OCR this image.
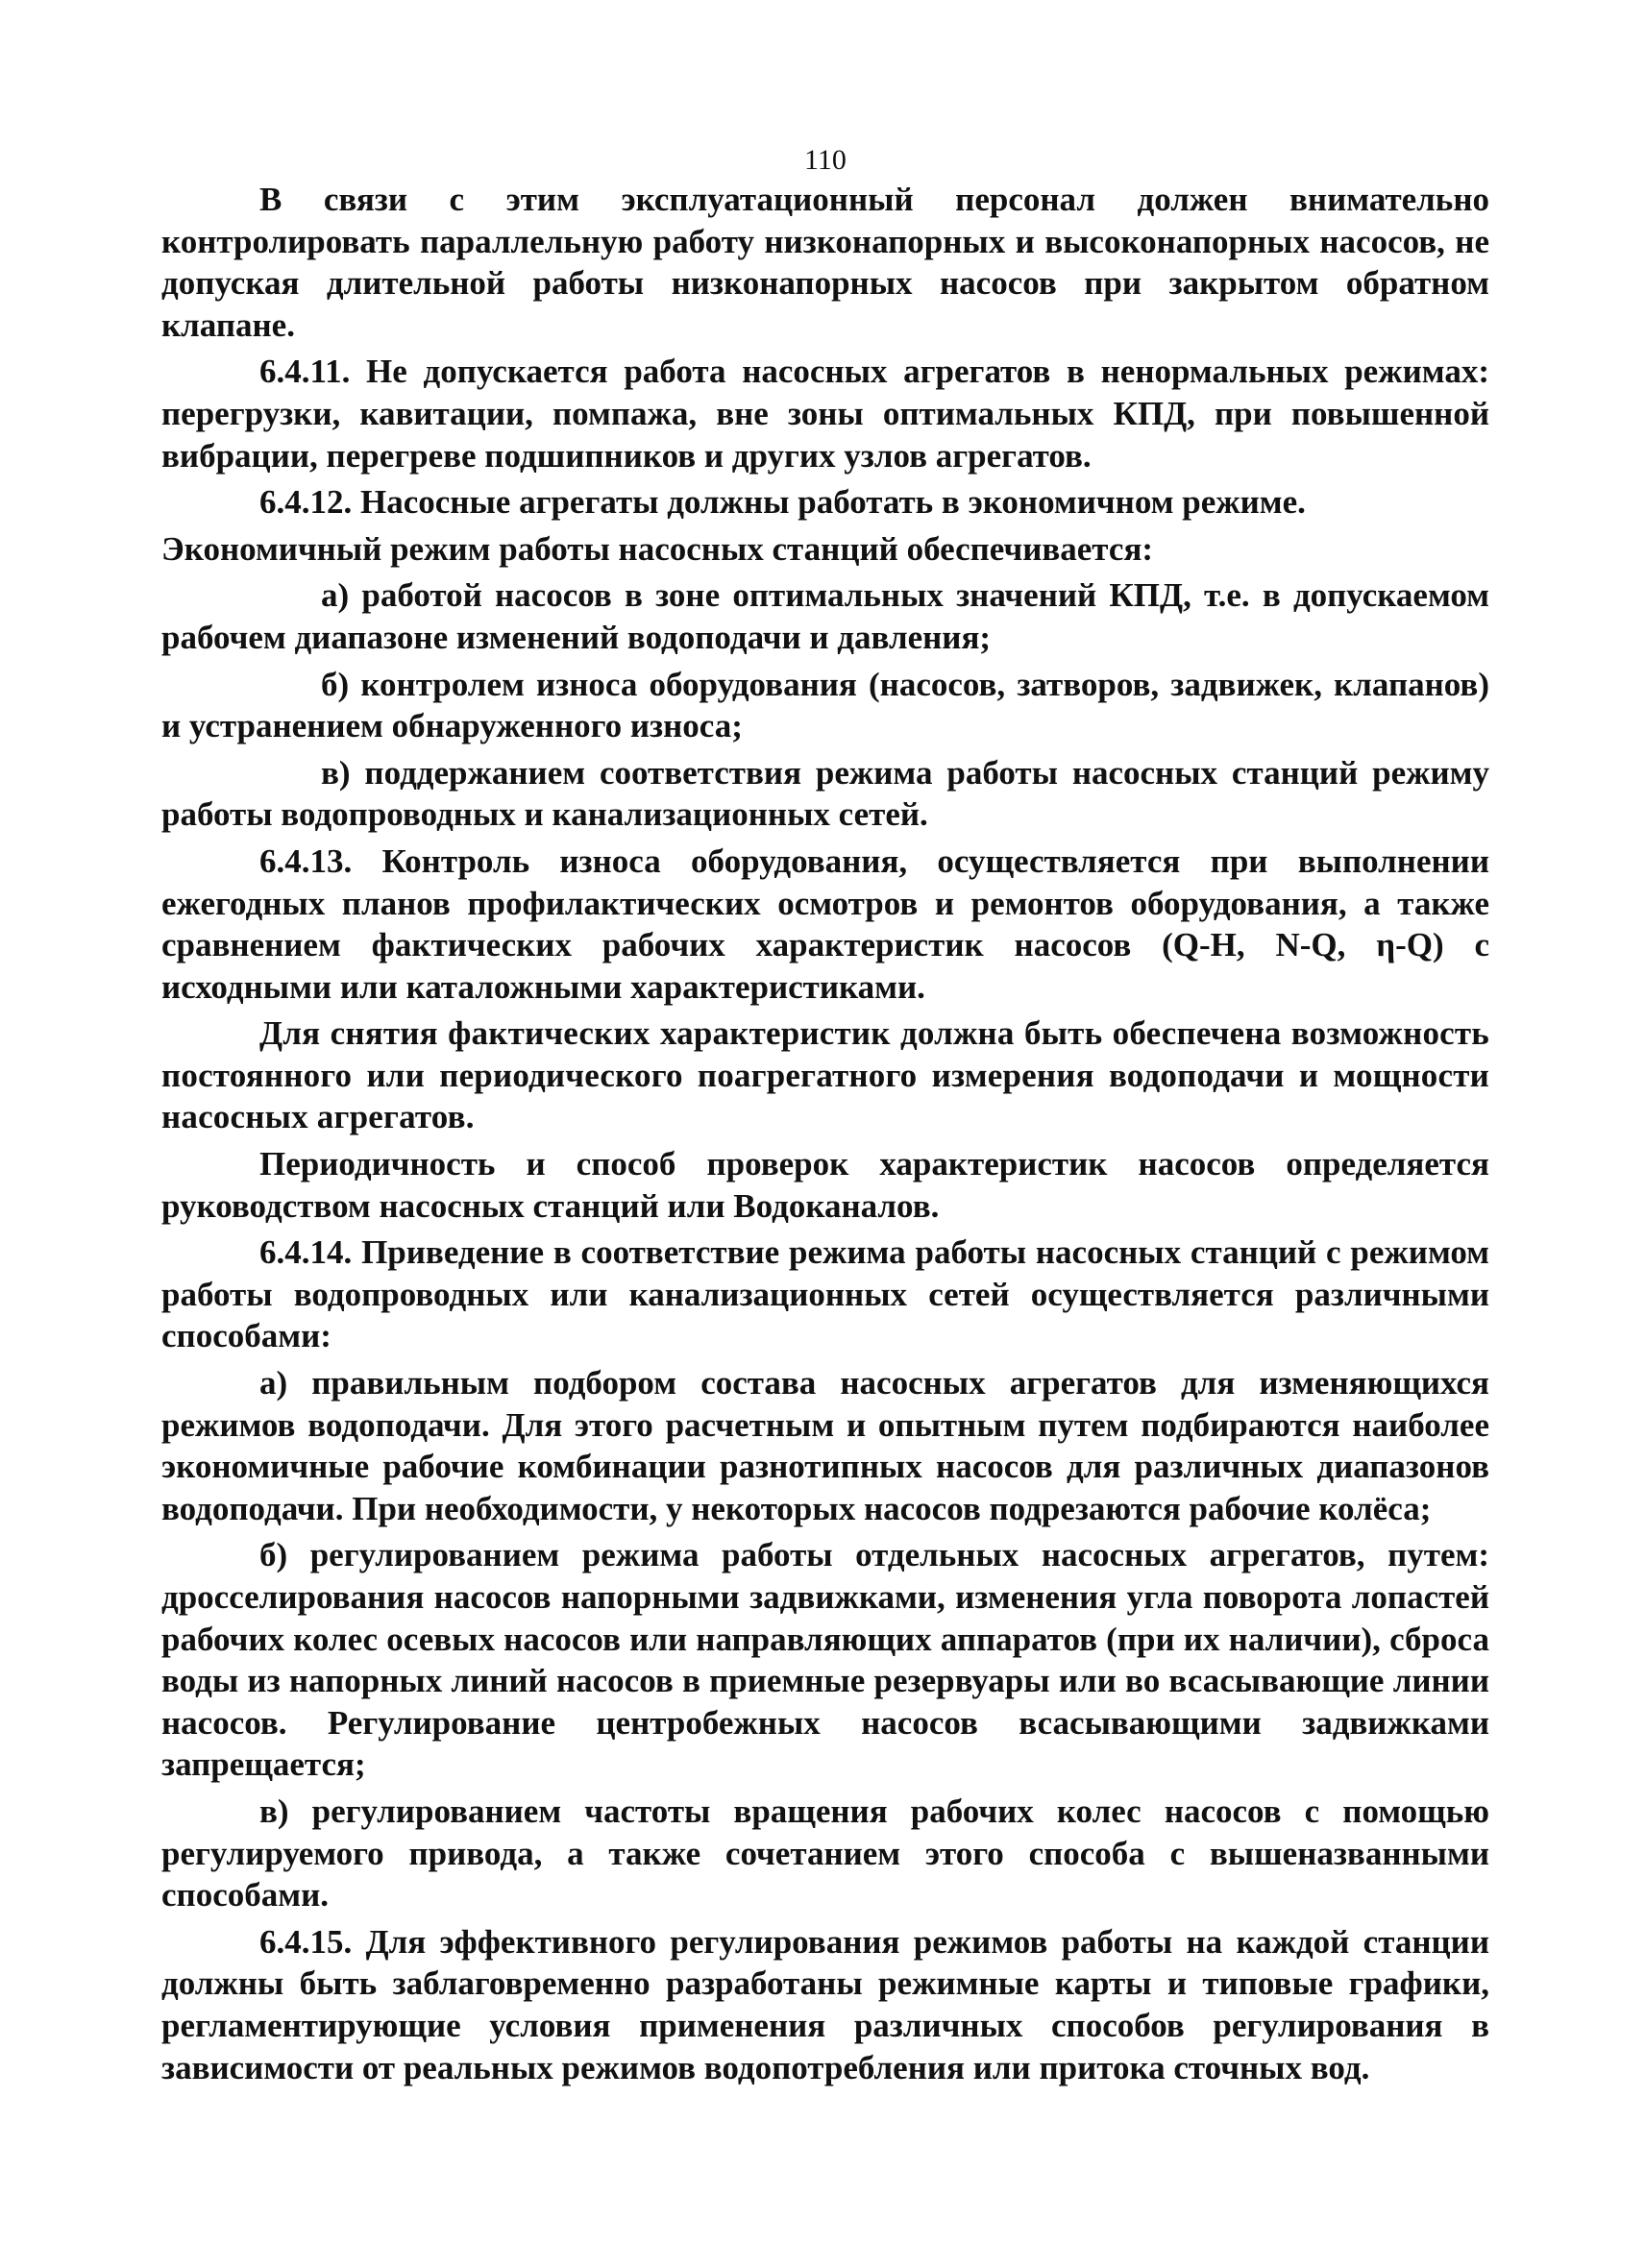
110

В связи с этим эксплуатационный персонал должен внимательно контролировать параллельную работу низконапорных и высоконапорных насосов, не допуская длительной работы низконапорных насосов при закрытом обратном клапане.

6.4.11. Не допускается работа насосных агрегатов в ненормальных режимах: перегрузки, кавитации, помпажа, вне зоны оптимальных КПД, при повышенной вибрации, перегреве подшипников и других узлов агрегатов.

6.4.12. Насосные агрегаты должны работать в экономичном режиме.

Экономичный режим работы насосных станций обеспечивается:

а) работой насосов в зоне оптимальных значений КПД, т.е. в допускаемом рабочем диапазоне изменений водоподачи и давления;

б) контролем износа оборудования (насосов, затворов, задвижек, клапанов) и устранением обнаруженного износа;

в) поддержанием соответствия режима работы насосных станций режиму работы водопроводных и канализационных сетей.

6.4.13. Контроль износа оборудования, осуществляется при выполнении ежегодных планов профилактических осмотров и ремонтов оборудования, а также сравнением фактических рабочих характеристик насосов (Q-H, N-Q, η-Q) с исходными или каталожными характеристиками.

Для снятия фактических характеристик должна быть обеспечена возможность постоянного или периодического поагрегатного измерения водоподачи и мощности насосных агрегатов.

Периодичность и способ проверок характеристик насосов определяется руководством насосных станций или Водоканалов.

6.4.14. Приведение в соответствие режима работы насосных станций с режимом работы водопроводных или канализационных сетей осуществляется различными способами:

а) правильным подбором состава насосных агрегатов для изменяющихся режимов водоподачи. Для этого расчетным и опытным путем подбираются наиболее экономичные рабочие комбинации разнотипных насосов для различных диапазонов водоподачи. При необходимости, у некоторых насосов подрезаются рабочие колёса;

б) регулированием режима работы отдельных насосных агрегатов, путем: дросселирования насосов напорными задвижками, изменения угла поворота лопастей рабочих колес осевых насосов или направляющих аппаратов (при их наличии), сброса воды из напорных линий насосов в приемные резервуары или во всасывающие линии насосов. Регулирование центробежных насосов всасывающими задвижками запрещается;

в) регулированием частоты вращения рабочих колес насосов с помощью регулируемого привода, а также сочетанием этого способа с вышеназванными способами.

6.4.15. Для эффективного регулирования режимов работы на каждой станции должны быть заблаговременно разработаны режимные карты и типовые графики, регламентирующие условия применения различных способов регулирования в зависимости от реальных режимов водопотребления или притока сточных вод.
